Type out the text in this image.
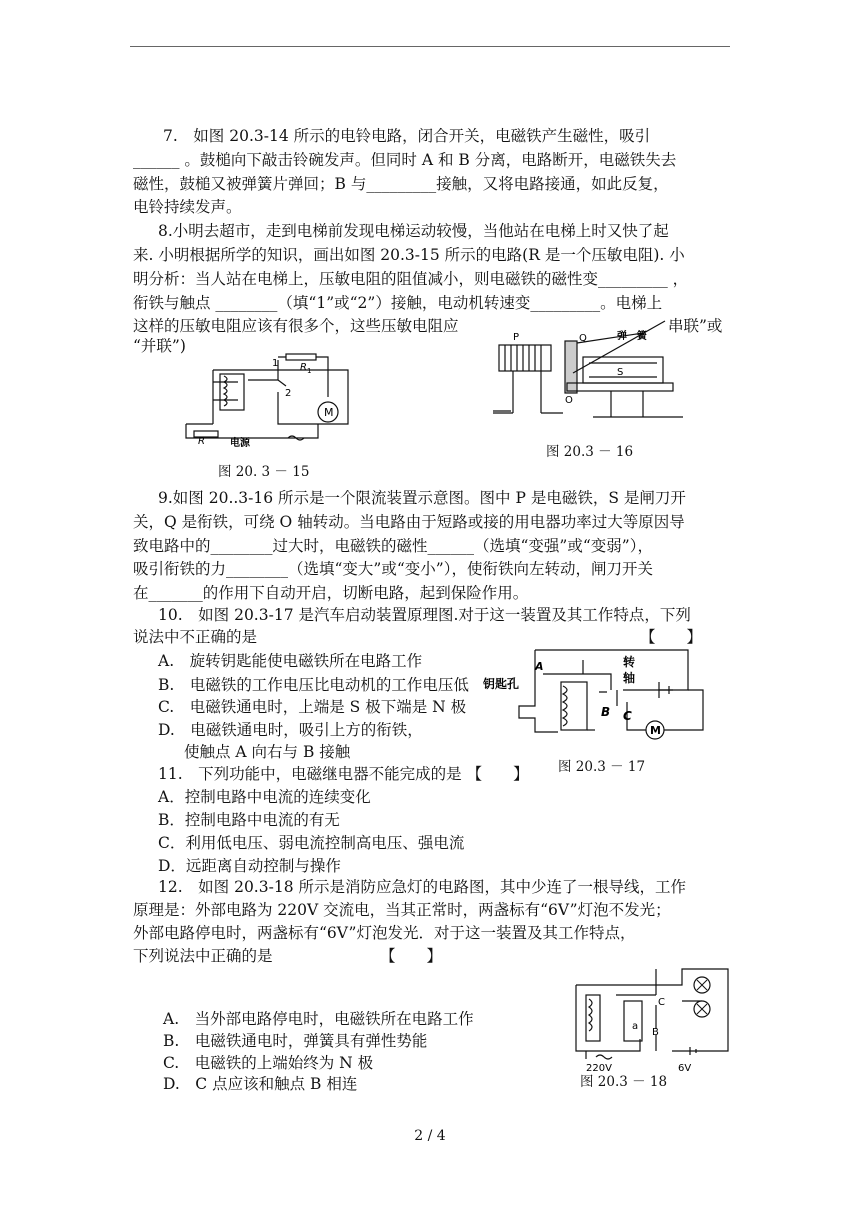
7.　如图 20.3-14 所示的电铃电路，闭合开关，电磁铁产生磁性，吸引
______ 。鼓槌向下敲击铃碗发声。但同时 A 和 B 分离，电路断开，电磁铁失去
磁性，鼓槌又被弹簧片弹回；B 与_________接触，又将电路接通，如此反复，
电铃持续发声。
8.小明去超市，走到电梯前发现电梯运动较慢，当他站在电梯上时又快了起
来. 小明根据所学的知识，画出如图 20.3-15 所示的电路(R 是一个压敏电阻). 小
明分析：当人站在电梯上，压敏电阻的阻值减小，则电磁铁的磁性变_________ ，
衔铁与触点 ________（填“1”或“2”）接触，电动机转速变_________。电梯上
这样的压敏电阻应该有很多个，这些压敏电阻应	串联”或
“并联”)
1
2
R 1
M
R	电源
图 20. 3 － 15
P	Q
S
O
弹　簧
图 20.3 － 16
9.如图 20..3-16 所示是一个限流装置示意图。图中 P 是电磁铁，S 是闸刀开
关，Q 是衔铁，可绕 O 轴转动。当电路由于短路或接的用电器功率过大等原因导
致电路中的________过大时，电磁铁的磁性______（选填“变强”或“变弱”），
吸引衔铁的力________（选填“变大”或“变小”），使衔铁向左转动，闸刀开关
在_______的作用下自动开启，切断电路，起到保险作用。
10.　如图 20.3-17 是汽车启动装置原理图.对于这一装置及其工作特点，下列
说法中不正确的是	【　　】
A.　旋转钥匙能使电磁铁所在电路工作
B.　电磁铁的工作电压比电动机的工作电压低
C.　电磁铁通电时，上端是 S 极下端是 N 极
D.　电磁铁通电时，吸引上方的衔铁，
使触点 A 向右与 B 接触
A
钥匙孔
转
轴
B C
M
图 20.3 － 17
11.　下列功能中，电磁继电器不能完成的是 【　　】
A．控制电路中电流的连续变化
B．控制电路中电流的有无
C．利用低电压、弱电流控制高电压、强电流
D．远距离自动控制与操作
12.　如图 20.3-18 所示是消防应急灯的电路图，其中少连了一根导线，工作
原理是：外部电路为 220V 交流电，当其正常时，两盏标有“6V”灯泡不发光；
外部电路停电时，两盏标有“6V”灯泡发光．对于这一装置及其工作特点，
下列说法中正确的是	【　　】
A.　当外部电路停电时，电磁铁所在电路工作
B.　电磁铁通电时，弹簧具有弹性势能
C.　电磁铁的上端始终为 N 极
D.　C 点应该和触点 B 相连
a
C
B
220V	6V
图 20.3 － 18
2 / 4
